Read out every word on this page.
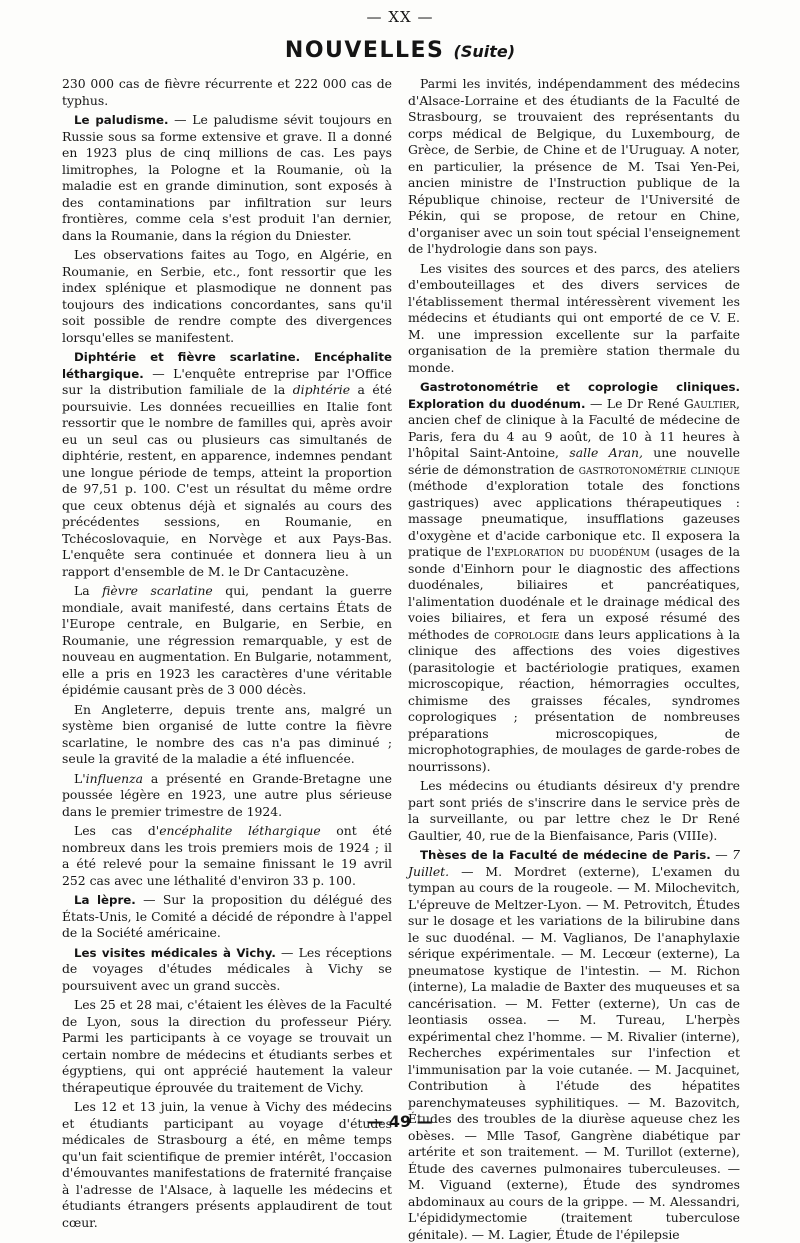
— XX —
NOUVELLES (Suite)

230 000 cas de fièvre récurrente et 222 000 cas de typhus.

Le paludisme. — Le paludisme sévit toujours en Russie sous sa forme extensive et grave. Il a donné en 1923 plus de cinq millions de cas. Les pays limitrophes, la Pologne et la Roumanie, où la maladie est en grande diminution, sont exposés à des contaminations par infiltration sur leurs frontières, comme cela s'est produit l'an dernier, dans la Roumanie, dans la région du Dniester.

Les observations faites au Togo, en Algérie, en Roumanie, en Serbie, etc., font ressortir que les index splénique et plasmodique ne donnent pas toujours des indications concordantes, sans qu'il soit possible de rendre compte des divergences lorsqu'elles se manifestent.

Diphtérie et fièvre scarlatine. Encéphalite léthargique. — L'enquête entreprise par l'Office sur la distribution familiale de la diphtérie a été poursuivie. Les données recueillies en Italie font ressortir que le nombre de familles qui, après avoir eu un seul cas ou plusieurs cas simultanés de diphtérie, restent, en apparence, indemnes pendant une longue période de temps, atteint la proportion de 97,51 p. 100. C'est un résultat du même ordre que ceux obtenus déjà et signalés au cours des précédentes sessions, en Roumanie, en Tchécoslovaquie, en Norvège et aux Pays-Bas. L'enquête sera continuée et donnera lieu à un rapport d'ensemble de M. le Dr Cantacuzène.

La fièvre scarlatine qui, pendant la guerre mondiale, avait manifesté, dans certains États de l'Europe centrale, en Bulgarie, en Serbie, en Roumanie, une régression remarquable, y est de nouveau en augmentation. En Bulgarie, notamment, elle a pris en 1923 les caractères d'une véritable épidémie causant près de 3 000 décès.

En Angleterre, depuis trente ans, malgré un système bien organisé de lutte contre la fièvre scarlatine, le nombre des cas n'a pas diminué ; seule la gravité de la maladie a été influencée.

L'influenza a présenté en Grande-Bretagne une poussée légère en 1923, une autre plus sérieuse dans le premier trimestre de 1924.

Les cas d'encéphalite léthargique ont été nombreux dans les trois premiers mois de 1924 ; il a été relevé pour la semaine finissant le 19 avril 252 cas avec une léthalité d'environ 33 p. 100.

La lèpre. — Sur la proposition du délégué des États-Unis, le Comité a décidé de répondre à l'appel de la Société américaine.

Les visites médicales à Vichy. — Les réceptions de voyages d'études médicales à Vichy se poursuivent avec un grand succès.

Les 25 et 28 mai, c'étaient les élèves de la Faculté de Lyon, sous la direction du professeur Piéry. Parmi les participants à ce voyage se trouvait un certain nombre de médecins et étudiants serbes et égyptiens, qui ont apprécié hautement la valeur thérapeutique éprouvée du traitement de Vichy.

Les 12 et 13 juin, la venue à Vichy des médecins et étudiants participant au voyage d'études médicales de Strasbourg a été, en même temps qu'un fait scientifique de premier intérêt, l'occasion d'émouvantes manifestations de fraternité française à l'adresse de l'Alsace, à laquelle les médecins et étudiants étrangers présents applaudirent de tout cœur.

Parmi les invités, indépendamment des médecins d'Alsace-Lorraine et des étudiants de la Faculté de Strasbourg, se trouvaient des représentants du corps médical de Belgique, du Luxembourg, de Grèce, de Serbie, de Chine et de l'Uruguay. A noter, en particulier, la présence de M. Tsai Yen-Pei, ancien ministre de l'Instruction publique de la République chinoise, recteur de l'Université de Pékin, qui se propose, de retour en Chine, d'organiser avec un soin tout spécial l'enseignement de l'hydrologie dans son pays.

Les visites des sources et des parcs, des ateliers d'embouteillages et des divers services de l'établissement thermal intéressèrent vivement les médecins et étudiants qui ont emporté de ce V. E. M. une impression excellente sur la parfaite organisation de la première station thermale du monde.

Gastrotonométrie et coprologie cliniques. Exploration du duodénum. — Le Dr René Gaultier, ancien chef de clinique à la Faculté de médecine de Paris, fera du 4 au 9 août, de 10 à 11 heures à l'hôpital Saint-Antoine, salle Aran, une nouvelle série de démonstration de gastrotonométrie clinique (méthode d'exploration totale des fonctions gastriques) avec applications thérapeutiques : massage pneumatique, insufflations gazeuses d'oxygène et d'acide carbonique etc. Il exposera la pratique de l'exploration du duodénum (usages de la sonde d'Einhorn pour le diagnostic des affections duodénales, biliaires et pancréatiques, l'alimentation duodénale et le drainage médical des voies biliaires, et fera un exposé résumé des méthodes de coprologie dans leurs applications à la clinique des affections des voies digestives (parasitologie et bactériologie pratiques, examen microscopique, réaction, hémorragies occultes, chimisme des graisses fécales, syndromes coprologiques ; présentation de nombreuses préparations microscopiques, de microphotographies, de moulages de garde-robes de nourrissons).

Les médecins ou étudiants désireux d'y prendre part sont priés de s'inscrire dans le service près de la surveillante, ou par lettre chez le Dr René Gaultier, 40, rue de la Bienfaisance, Paris (VIIIe).

Thèses de la Faculté de médecine de Paris. — 7 Juillet. — M. Mordret (externe), L'examen du tympan au cours de la rougeole. — M. Milochevitch, L'épreuve de Meltzer-Lyon. — M. Petrovitch, Études sur le dosage et les variations de la bilirubine dans le suc duodénal. — M. Vaglianos, De l'anaphylaxie sérique expérimentale. — M. Lecœur (externe), La pneumatose kystique de l'intestin. — M. Richon (interne), La maladie de Baxter des muqueuses et sa cancérisation. — M. Fetter (externe), Un cas de leontiasis ossea. — M. Tureau, L'herpès expérimental chez l'homme. — M. Rivalier (interne), Recherches expérimentales sur l'infection et l'immunisation par la voie cutanée. — M. Jacquinet, Contribution à l'étude des hépatites parenchymateuses syphilitiques. — M. Bazovitch, Études des troubles de la diurèse aqueuse chez les obèses. — Mlle Tasof, Gangrène diabétique par artérite et son traitement. — M. Turillot (externe), Étude des cavernes pulmonaires tuberculeuses. — M. Viguand (externe), Étude des syndromes abdominaux au cours de la grippe. — M. Alessandri, L'épididymectomie (traitement tuberculose génitale). — M. Lagier, Étude de l'épilepsie

— 49 —
